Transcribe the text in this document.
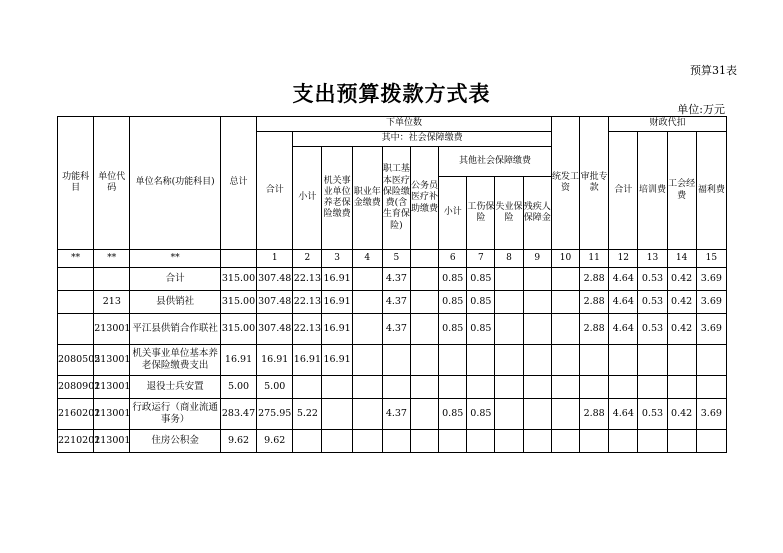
预算31表
支出预算拨款方式表
单位:万元
功能科目	单位代码	单位名称(功能科目)	总计	下单位数										统发工资	审批专款	财政代扣			
				合计	其中：社会保障缴费											合计	培训费	工会经费	福利费
					小计	机关事业单位养老保险缴费	职业年金缴费	职工基本医疗保险缴费(含生育保险)	公务员医疗补助缴费	其他社会保障缴费									
										小计	工伤保险	失业保险	残疾人保障金						

**	**	**		1	2	3	4	5		6	7	8	9	10	11	12	13	14	15
		合计	315.00	307.48	22.13	16.91		4.37		0.85	0.85				2.88	4.64	0.53	0.42	3.69
	213	县供销社	315.00	307.48	22.13	16.91		4.37		0.85	0.85				2.88	4.64	0.53	0.42	3.69
	213001	平江县供销合作联社	315.00	307.48	22.13	16.91		4.37		0.85	0.85				2.88	4.64	0.53	0.42	3.69
2080505	213001	机关事业单位基本养老保险缴费支出	16.91	16.91	16.91	16.91													
2080901	213001	退役士兵安置	5.00	5.00															
2160201	213001	行政运行（商业流通事务）	283.47	275.95	5.22			4.37		0.85	0.85				2.88	4.64	0.53	0.42	3.69
2210201	213001	住房公积金	9.62	9.62															
